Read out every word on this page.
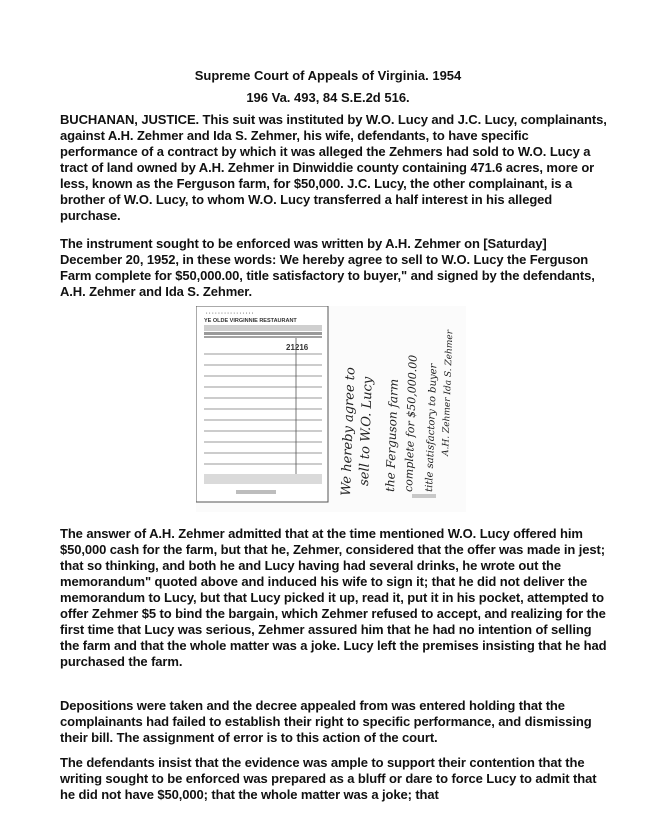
Supreme Court of Appeals of Virginia. 1954

196 Va. 493, 84 S.E.2d 516.

BUCHANAN, JUSTICE. This suit was instituted by W.O. Lucy and J.C. Lucy, complainants, against A.H. Zehmer and Ida S. Zehmer, his wife, defendants, to have specific performance of a contract by which it was alleged the Zehmers had sold to W.O. Lucy a tract of land owned by A.H. Zehmer in Dinwiddie county containing 471.6 acres, more or less, known as the Ferguson farm, for $50,000. J.C. Lucy, the other complainant, is a brother of W.O. Lucy, to whom W.O. Lucy transferred a half interest in his alleged purchase.

The instrument sought to be enforced was written by A.H. Zehmer on [Saturday] December 20, 1952, in these words: We hereby agree to sell to W.O. Lucy the Ferguson Farm complete for $50,000.00, title satisfactory to buyer," and signed by the defendants, A.H. Zehmer and Ida S. Zehmer.

· · · · · · · · · · · · · · · ·
YE OLDE VIRGINNIE RESTAURANT
21216
We hereby agree to
sell to W.O. Lucy the Ferguson farm complete for $50,000.00 title satisfactory to buyer A.H. Zehmer Ida S. Zehmer

The answer of A.H. Zehmer admitted that at the time mentioned W.O. Lucy offered him $50,000 cash for the farm, but that he, Zehmer, considered that the offer was made in jest; that so thinking, and both he and Lucy having had several drinks, he wrote out the memorandum" quoted above and induced his wife to sign it; that he did not deliver the memorandum to Lucy, but that Lucy picked it up, read it, put it in his pocket, attempted to offer Zehmer $5 to bind the bargain, which Zehmer refused to accept, and realizing for the first time that Lucy was serious, Zehmer assured him that he had no intention of selling the farm and that the whole matter was a joke. Lucy left the premises insisting that he had purchased the farm.

Depositions were taken and the decree appealed from was entered holding that the complainants had failed to establish their right to specific performance, and dismissing their bill. The assignment of error is to this action of the court.

The defendants insist that the evidence was ample to support their contention that the writing sought to be enforced was prepared as a bluff or dare to force Lucy to admit that he did not have $50,000; that the whole matter was a joke; that
